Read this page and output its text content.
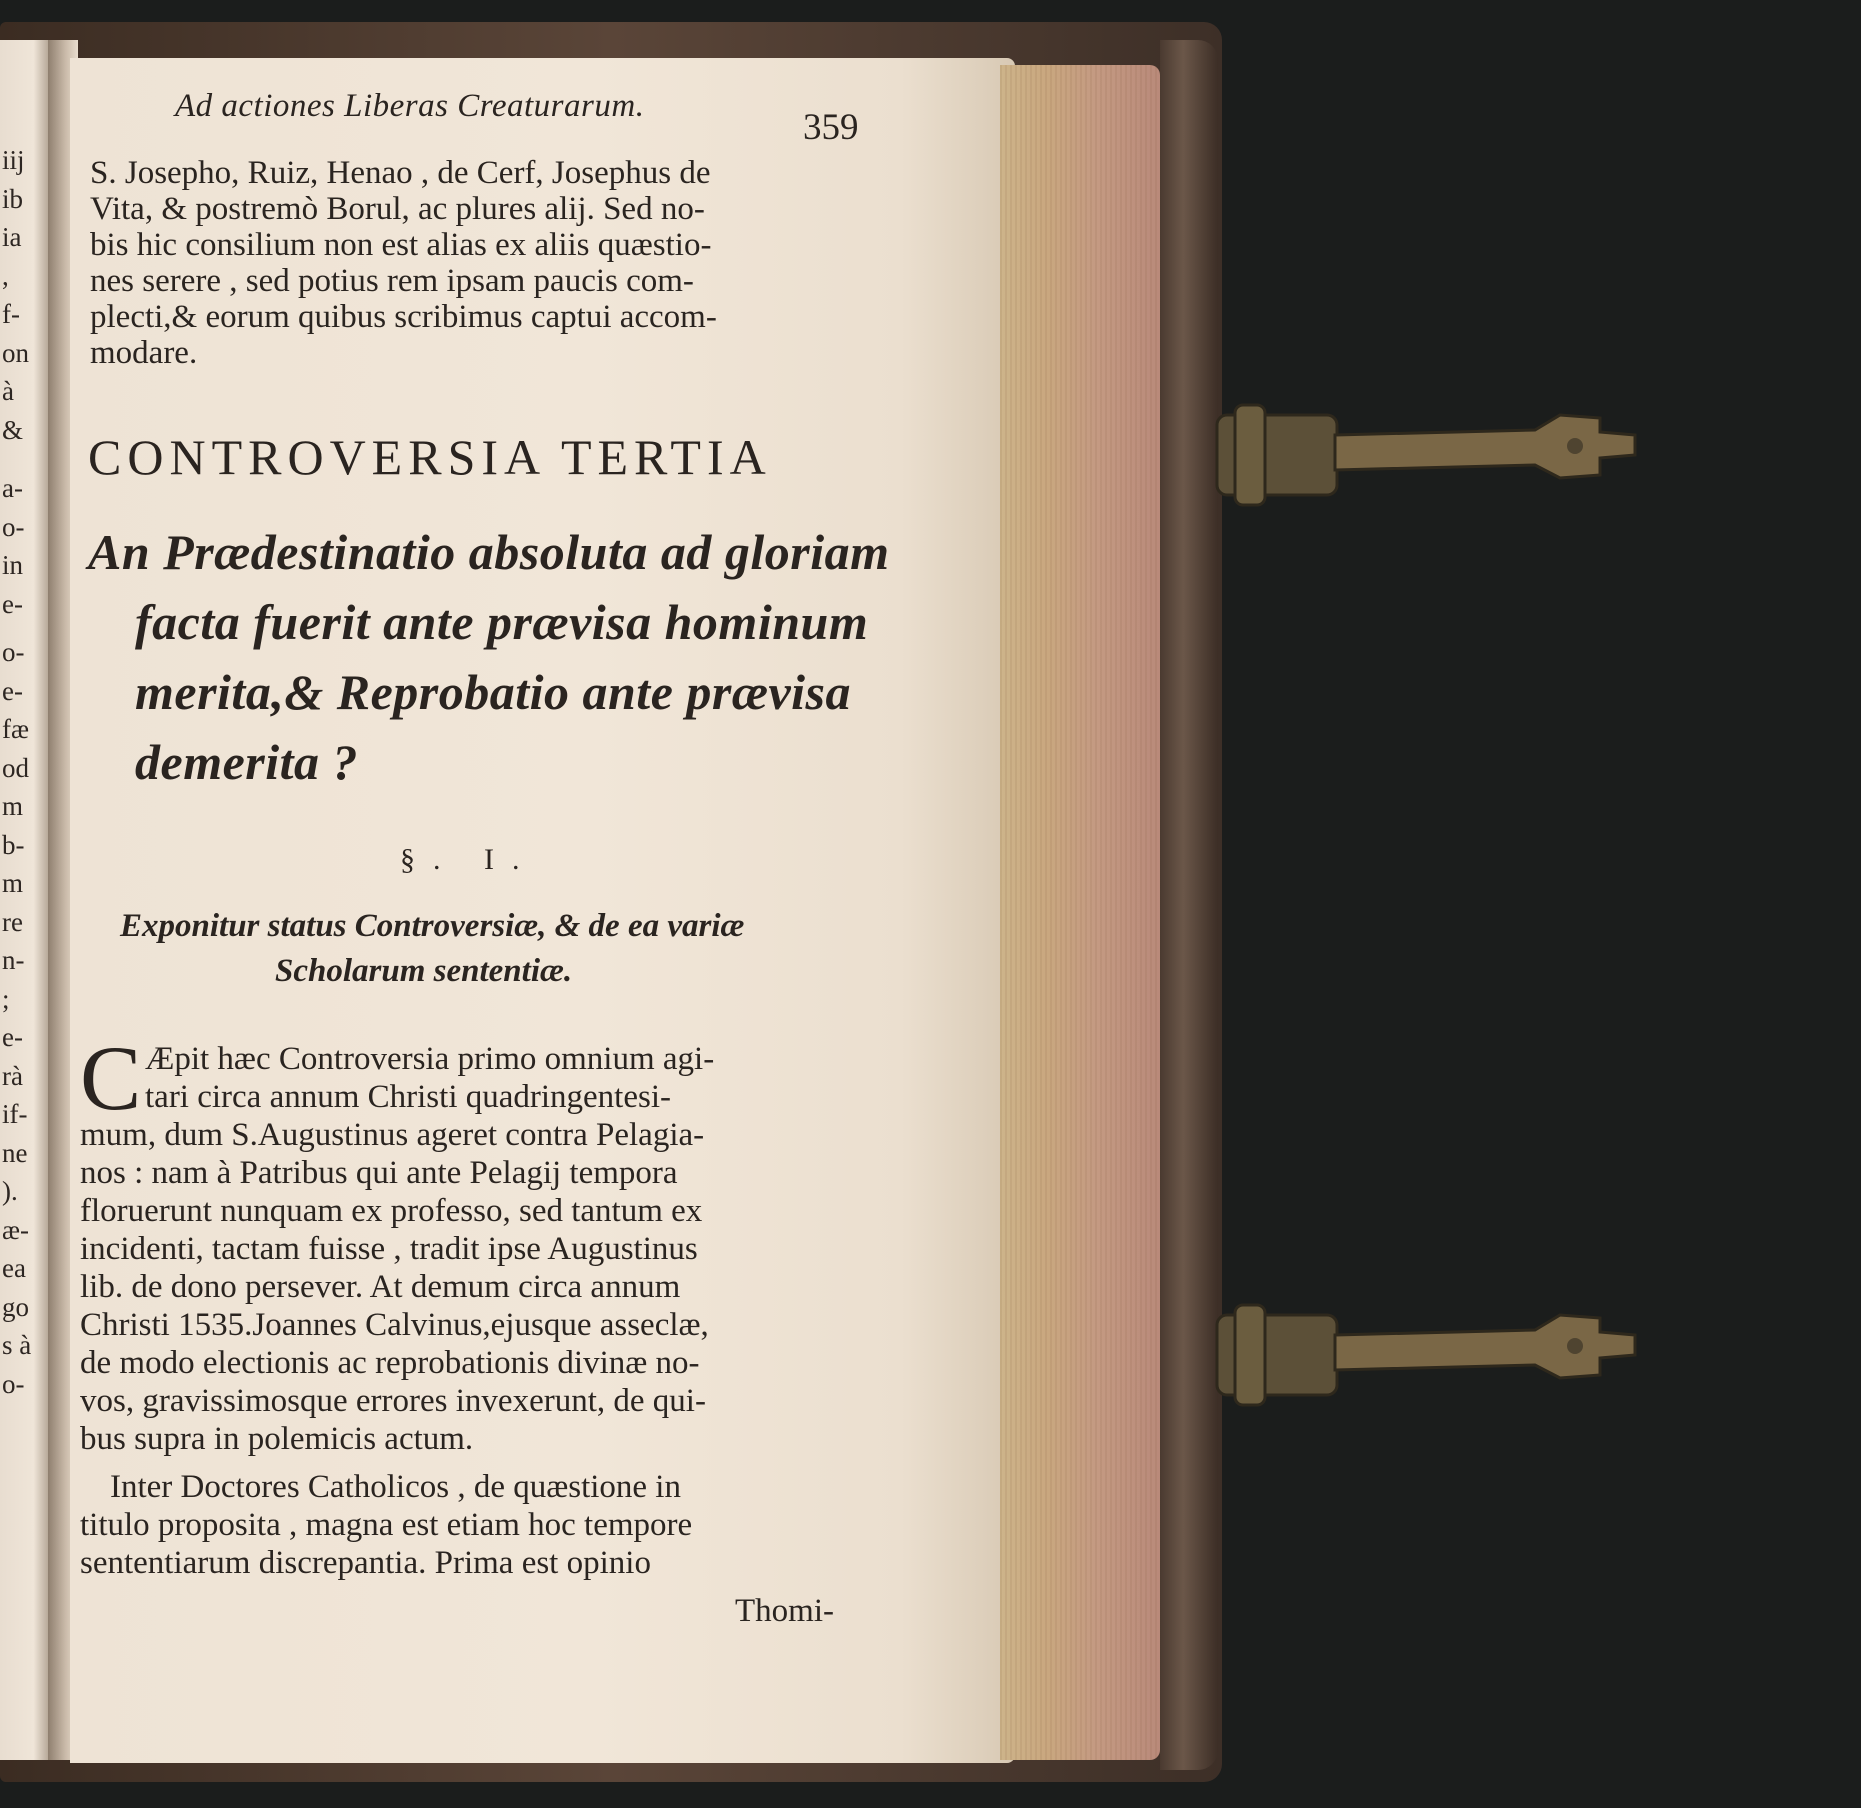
iij
ib
ia
,
f-
on
à
&
a-
o-
in
e-
o-
e-
fæ
od
m
b-
m
re
n-
;
e-
rà
if-
ne
).
æ-
ea
go
s à
o-
Ad actiones Liberas Creaturarum.
359
S. Josepho, Ruiz, Henao , de Cerf, Josephus de
Vita, & postremò Borul, ac plures alij. Sed no-
bis hic consilium non est alias ex aliis quæstio-
nes serere , sed potius rem ipsam paucis com-
plecti,& eorum quibus scribimus captui accom-
modare.
CONTROVERSIA TERTIA
An Prædestinatio absoluta ad gloriam
facta fuerit ante prævisa hominum
merita,& Reprobatio ante prævisa
demerita ?
§. I.
Exponitur status Controversiæ, & de ea variæ
Scholarum sententiæ.
C Æpit hæc Controversia primo omnium agi-
tari circa annum Christi quadringentesi-
mum, dum S.Augustinus ageret contra Pelagia-
nos : nam à Patribus qui ante Pelagij tempora
floruerunt nunquam ex professo, sed tantum ex
incidenti, tactam fuisse , tradit ipse Augustinus
lib. de dono persever. At demum circa annum
Christi 1535.Joannes Calvinus,ejusque asseclæ,
de modo electionis ac reprobationis divinæ no-
vos, gravissimosque errores invexerunt, de qui-
bus supra in polemicis actum.
Inter Doctores Catholicos , de quæstione in
titulo proposita , magna est etiam hoc tempore
sententiarum discrepantia. Prima est opinio
Thomi-
